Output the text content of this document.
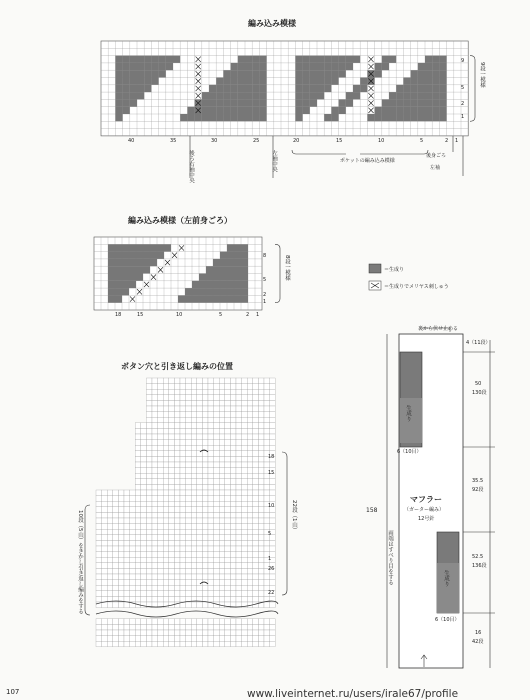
編み込み模様
編み込み模様（左前身ごろ）
ボタン穴と引き返し編みの位置
40	35	30	25	20	15	10	5	2 1
9
5
2
1
9段一模様
後ろ右袖中央	左袖中央	ポケットの編み込み模様
後身ごろ
左袖
18	15	10	5	2 1
8
5
2
1
8段一模様	＝生成り
＝生成りでメリヤス刺しゅう
18
15
10
5
1
26
22
22段（1山）
10段（5山）をきかし引き返し編みをする
裏から伏せ止める
4（11段）
50
130段
35.5
92段
52.5
136段
16
42段
158
マフラー
（ガーター編み）
12号針
生成り
生成り
6（10目）
6（10目）
両端はすべり目をする
107	www.liveinternet.ru/users/irale67/profile
